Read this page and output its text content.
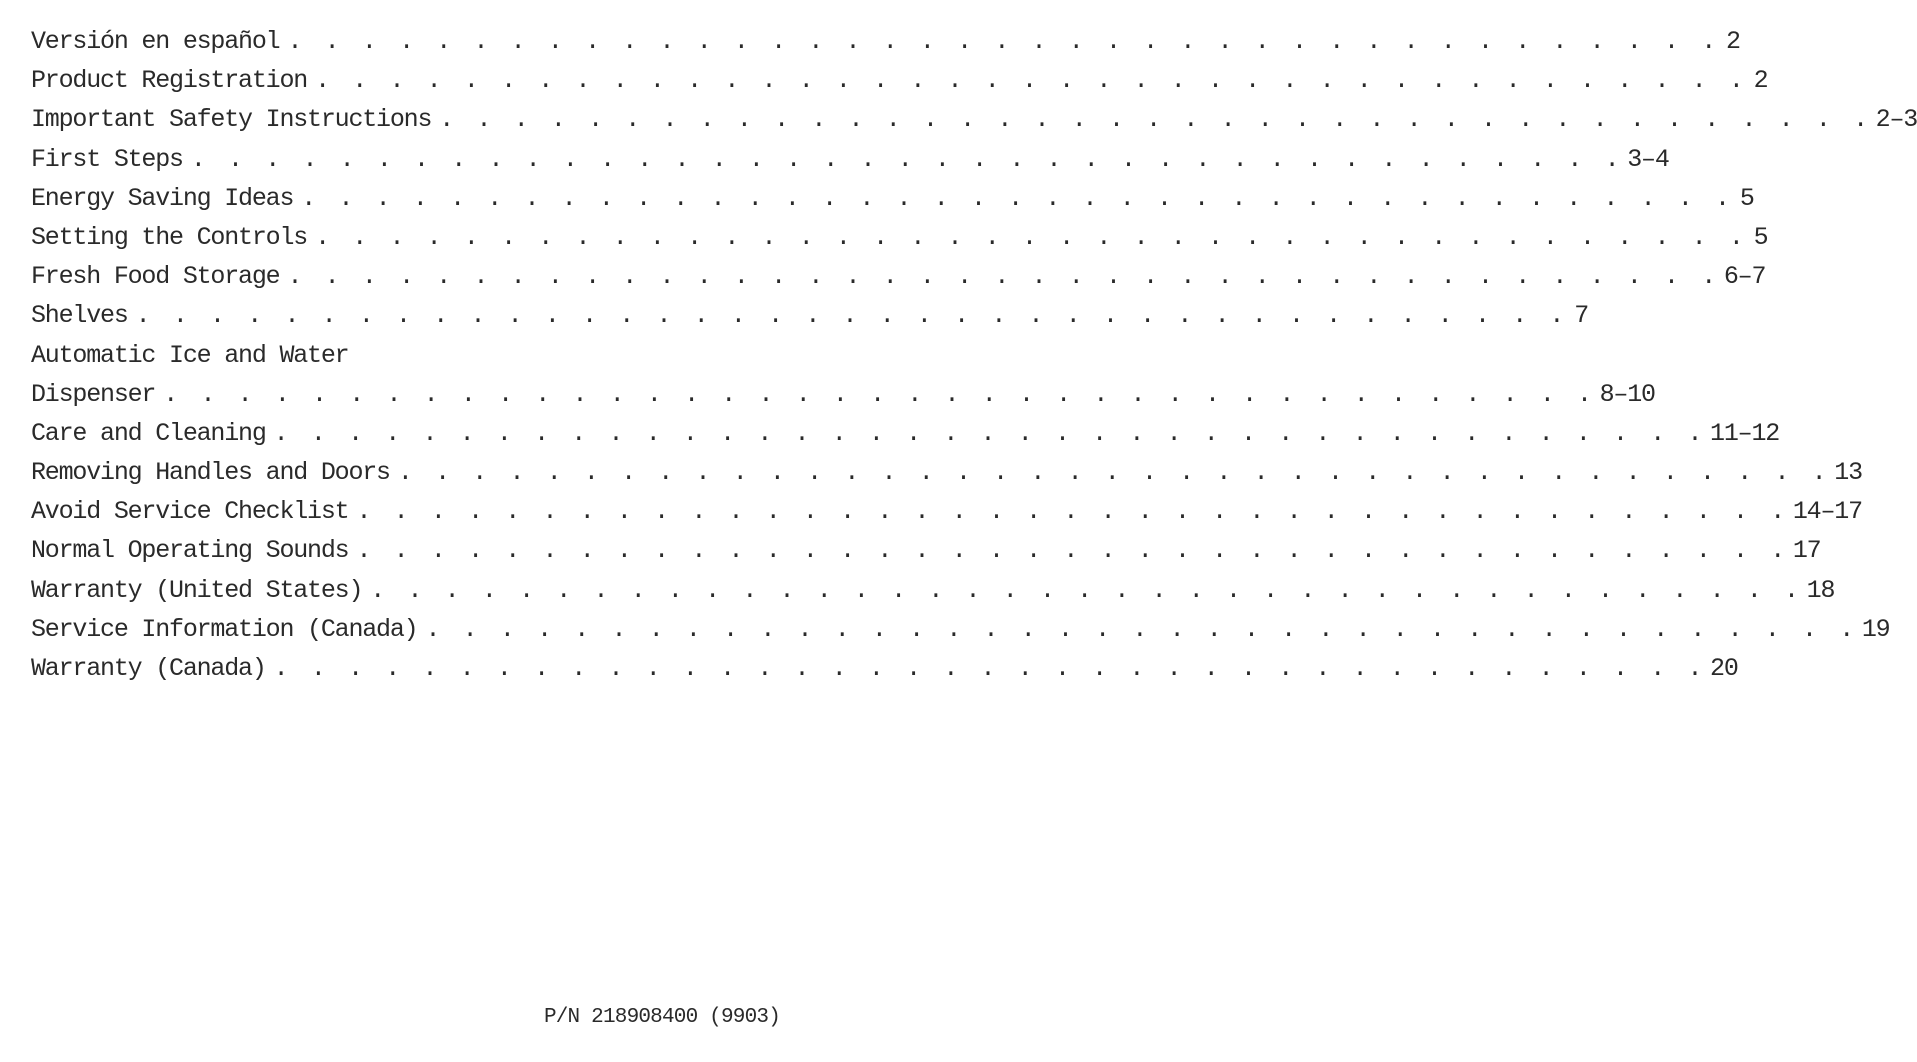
Versión en español . . . . . . . . . . . . . . . . . . . . . . . . . . . . . . . . . . . . . . . 2
Product Registration . . . . . . . . . . . . . . . . . . . . . . . . . . . . . . . . . . . . . . . 2
Important Safety Instructions . . . . . . . . . . . . . . . . . . . . . . . . . . . . . . . . . . . . . . . 2–3
First Steps . . . . . . . . . . . . . . . . . . . . . . . . . . . . . . . . . . . . . . . 3–4
Energy Saving Ideas . . . . . . . . . . . . . . . . . . . . . . . . . . . . . . . . . . . . . . . 5
Setting the Controls . . . . . . . . . . . . . . . . . . . . . . . . . . . . . . . . . . . . . . . 5
Fresh Food Storage . . . . . . . . . . . . . . . . . . . . . . . . . . . . . . . . . . . . . . . 6–7
Shelves . . . . . . . . . . . . . . . . . . . . . . . . . . . . . . . . . . . . . . . 7
Automatic Ice and Water
Dispenser . . . . . . . . . . . . . . . . . . . . . . . . . . . . . . . . . . . . . . . 8–10
Care and Cleaning . . . . . . . . . . . . . . . . . . . . . . . . . . . . . . . . . . . . . . . 11–12
Removing Handles and Doors . . . . . . . . . . . . . . . . . . . . . . . . . . . . . . . . . . . . . . . 13
Avoid Service Checklist . . . . . . . . . . . . . . . . . . . . . . . . . . . . . . . . . . . . . . . 14–17
Normal Operating Sounds . . . . . . . . . . . . . . . . . . . . . . . . . . . . . . . . . . . . . . . 17
Warranty (United States) . . . . . . . . . . . . . . . . . . . . . . . . . . . . . . . . . . . . . . . 18
Service Information (Canada) . . . . . . . . . . . . . . . . . . . . . . . . . . . . . . . . . . . . . . . 19
Warranty (Canada) . . . . . . . . . . . . . . . . . . . . . . . . . . . . . . . . . . . . . . . 20
P/N 218908400 (9903)
